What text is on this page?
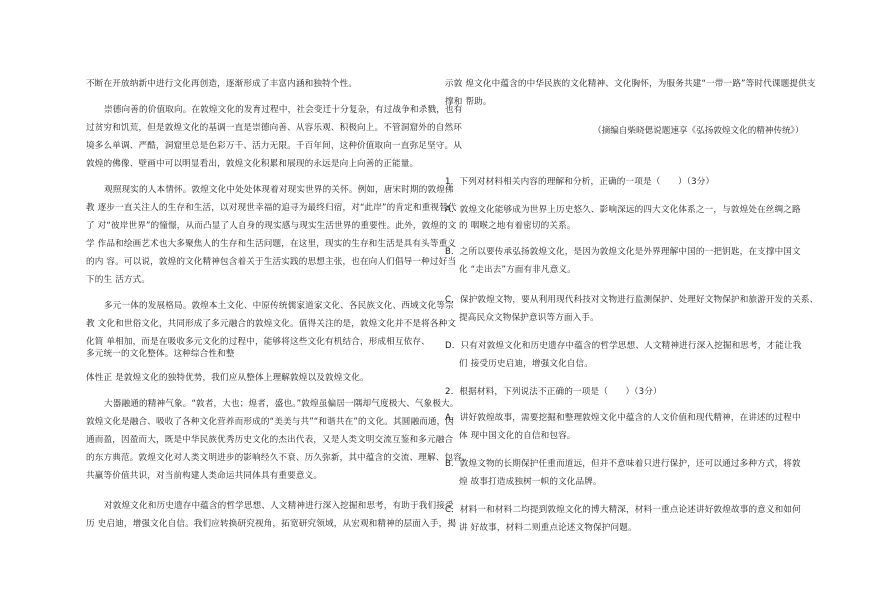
不断在开放纳新中进行文化再创造，逐渐形成了丰富内涵和独特个性。
崇德向善的价值取向。在敦煌文化的发育过程中，社会变迁十分复杂，有过战争和杀戮，也有
过贫穷和饥荒，但是敦煌文化的基调一直是崇德向善、从容乐观、积极向上。不管洞窟外的自然环
境多么单调、严酷，洞窟里总是色彩万千、活力无限。千百年间，这种价值取向一直弥足坚守。从
敦煌的佛像、壁画中可以明显看出，敦煌文化积累和展现的永远是向上向善的正能量。
观照现实的人本情怀。敦煌文化中处处体现着对现实世界的关怀。例如，唐宋时期的敦煌佛
教 逐步一直关注人的生存和生活，以对现世幸福的追寻为最终归宿，对“此岸”的肯定和重视替代
了 对“彼岸世界”的憧憬，从而凸显了人自身的现实感与现实生活世界的重要性。此外，敦煌的文
学 作品和绘画艺术也大多聚焦人的生存和生活问题，在这里，现实的生存和生活是具有头等重义
的内 容。可以说，敦煌的文化精神包含着关于生活实践的思想主张，也在向人们倡导一种过好当
下的生 活方式。
多元一体的发展格局。敦煌本土文化、中原传统儒家道家文化、各民族文化、西域文化等宗
教 文化和世俗文化，共同形成了多元融合的敦煌文化。值得关注的是，敦煌文化并不是将各种文
化简 单相加，而是在吸收多元文化的过程中，能够将这些文化有机结合，形成相互依存、多元统一的文化整体。这种综合性和整
体性正 是敦煌文化的独特优势，我们应从整体上理解敦煌以及敦煌文化。
大器融通的精神气象。“敦者，大也；煌者，盛也。”敦煌虽偏居一隅却气度极大、气象极大。
敦煌文化是融合、吸收了各种文化营养而形成的“美美与共”“和谐共在”的文化。其圆融而通，因
通而盈，因盈而大，既是中华民族优秀历史文化的杰出代表，又是人类文明交流互鉴和多元融合
的东方典范。敦煌文化对人类文明进步的影响经久不衰、历久弥新，其中蕴含的交流、理解、包容、
共赢等价值共识，对当前构建人类命运共同体具有重要意义。
对敦煌文化和历史遗存中蕴含的哲学思想、人文精神进行深入挖掘和思考，有助于我们接受
历 史启迪，增强文化自信。我们应转换研究视角，拓宽研究领域，从宏观和精神的层面入手，揭
示敦 煌文化中蕴含的中华民族的文化精神、文化胸怀，为服务共建“一带一路”等时代课题提供支
撑和 帮助。
（摘编自柴晓偲说题速享《弘扬敦煌文化的精神传统》）
1．下列对材料相关内容的理解和分析，正确的一项是（　　）（3分）
A．敦煌文化能够成为世界上历史悠久、影响深远的四大文化体系之一，与敦煌处在丝绸之路
的 咽喉之地有着密切的关系。
B．之所以要传承弘扬敦煌文化，是因为敦煌文化是外界理解中国的一把钥匙，在支撑中国文
化 “走出去”方面有非凡意义。
C．保护敦煌文物，要从利用现代科技对文物进行监测保护、处理好文物保护和旅游开发的关系、
提高民众文物保护意识等方面入手。
D．只有对敦煌文化和历史遗存中蕴含的哲学思想、人文精神进行深入挖掘和思考，才能让我
们 接受历史启迪，增强文化自信。
2．根据材料，下列说法不正确的一项是（　　）（3分）
A．讲好敦煌故事，需要挖掘和整理敦煌文化中蕴含的人文价值和现代精神，在讲述的过程中
体 现中国文化的自信和包容。
B．敦煌文物的长期保护任重而道远，但并不意味着只进行保护，还可以通过多种方式，将敦
煌 故事打造成独树一帜的文化品牌。
C．材料一和材料二均提到敦煌文化的博大精深，材料一重点论述讲好敦煌故事的意义和如何
讲 好故事，材料二则重点论述文物保护问题。
